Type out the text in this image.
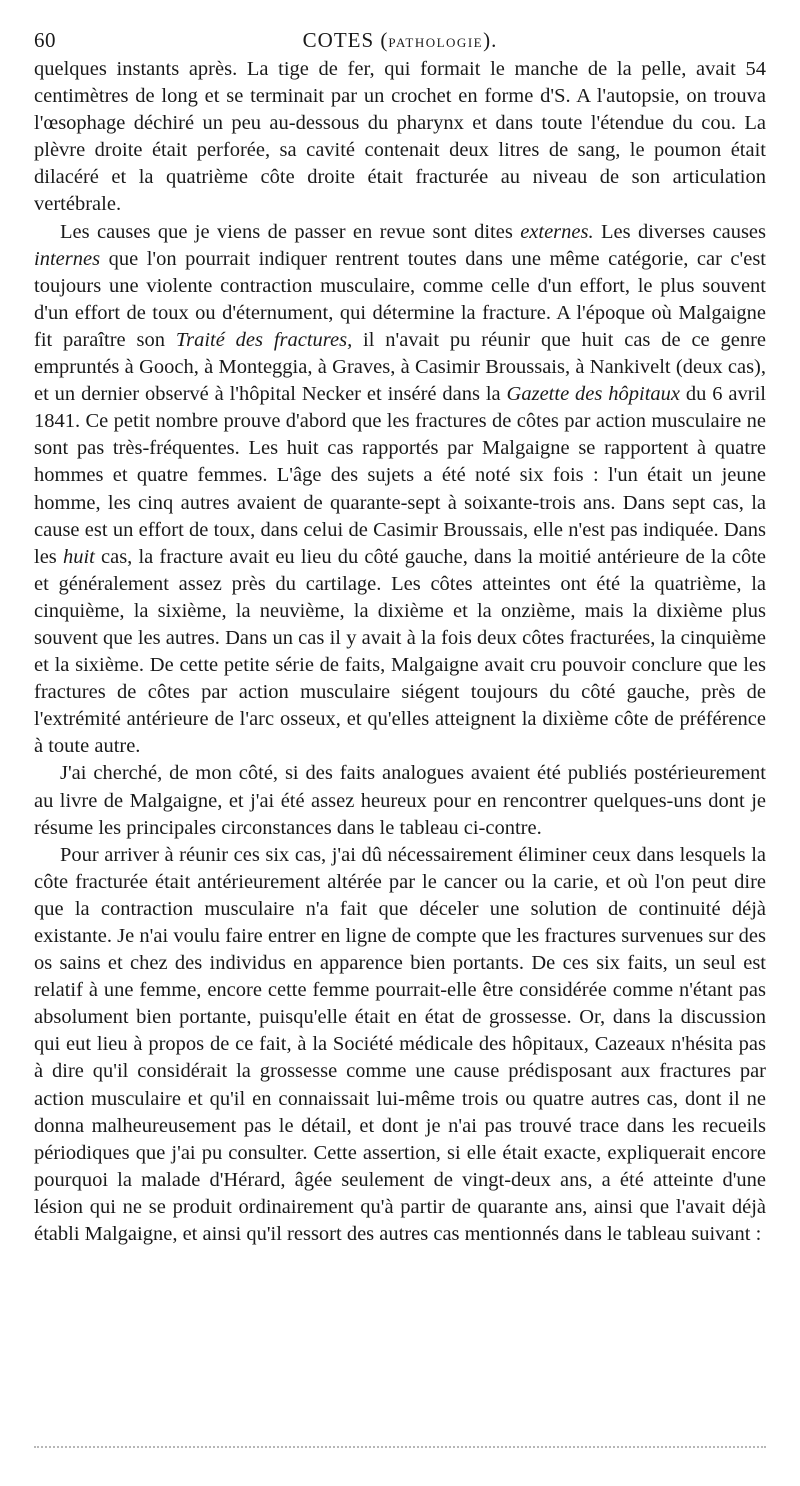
60	COTES (PATHOLOGIE).

quelques instants après. La tige de fer, qui formait le manche de la pelle, avait 54 centimètres de long et se terminait par un crochet en forme d'S. A l'autopsie, on trouva l'œsophage déchiré un peu au-dessous du pharynx et dans toute l'étendue du cou. La plèvre droite était perforée, sa cavité contenait deux litres de sang, le poumon était dilacéré et la quatrième côte droite était fracturée au niveau de son articulation vertébrale.

Les causes que je viens de passer en revue sont dites externes. Les diverses causes internes que l'on pourrait indiquer rentrent toutes dans une même catégorie, car c'est toujours une violente contraction musculaire, comme celle d'un effort, le plus souvent d'un effort de toux ou d'éternument, qui détermine la fracture. A l'époque où Malgaigne fit paraître son Traité des fractures, il n'avait pu réunir que huit cas de ce genre empruntés à Gooch, à Monteggia, à Graves, à Casimir Broussais, à Nankivelt (deux cas), et un dernier observé à l'hôpital Necker et inséré dans la Gazette des hôpitaux du 6 avril 1841. Ce petit nombre prouve d'abord que les fractures de côtes par action musculaire ne sont pas très-fréquentes. Les huit cas rapportés par Malgaigne se rapportent à quatre hommes et quatre femmes. L'âge des sujets a été noté six fois : l'un était un jeune homme, les cinq autres avaient de quarante-sept à soixante-trois ans. Dans sept cas, la cause est un effort de toux, dans celui de Casimir Broussais, elle n'est pas indiquée. Dans les huit cas, la fracture avait eu lieu du côté gauche, dans la moitié antérieure de la côte et généralement assez près du cartilage. Les côtes atteintes ont été la quatrième, la cinquième, la sixième, la neuvième, la dixième et la onzième, mais la dixième plus souvent que les autres. Dans un cas il y avait à la fois deux côtes fracturées, la cinquième et la sixième. De cette petite série de faits, Malgaigne avait cru pouvoir conclure que les fractures de côtes par action musculaire siégent toujours du côté gauche, près de l'extrémité antérieure de l'arc osseux, et qu'elles atteignent la dixième côte de préférence à toute autre.

J'ai cherché, de mon côté, si des faits analogues avaient été publiés postérieurement au livre de Malgaigne, et j'ai été assez heureux pour en rencontrer quelques-uns dont je résume les principales circonstances dans le tableau ci-contre.

Pour arriver à réunir ces six cas, j'ai dû nécessairement éliminer ceux dans lesquels la côte fracturée était antérieurement altérée par le cancer ou la carie, et où l'on peut dire que la contraction musculaire n'a fait que déceler une solution de continuité déjà existante. Je n'ai voulu faire entrer en ligne de compte que les fractures survenues sur des os sains et chez des individus en apparence bien portants. De ces six faits, un seul est relatif à une femme, encore cette femme pourrait-elle être considérée comme n'étant pas absolument bien portante, puisqu'elle était en état de grossesse. Or, dans la discussion qui eut lieu à propos de ce fait, à la Société médicale des hôpitaux, Cazeaux n'hésita pas à dire qu'il considérait la grossesse comme une cause prédisposant aux fractures par action musculaire et qu'il en connaissait lui-même trois ou quatre autres cas, dont il ne donna malheureusement pas le détail, et dont je n'ai pas trouvé trace dans les recueils périodiques que j'ai pu consulter. Cette assertion, si elle était exacte, expliquerait encore pourquoi la malade d'Hérard, âgée seulement de vingt-deux ans, a été atteinte d'une lésion qui ne se produit ordinairement qu'à partir de quarante ans, ainsi que l'avait déjà établi Malgaigne, et ainsi qu'il ressort des autres cas mentionnés dans le tableau suivant :
